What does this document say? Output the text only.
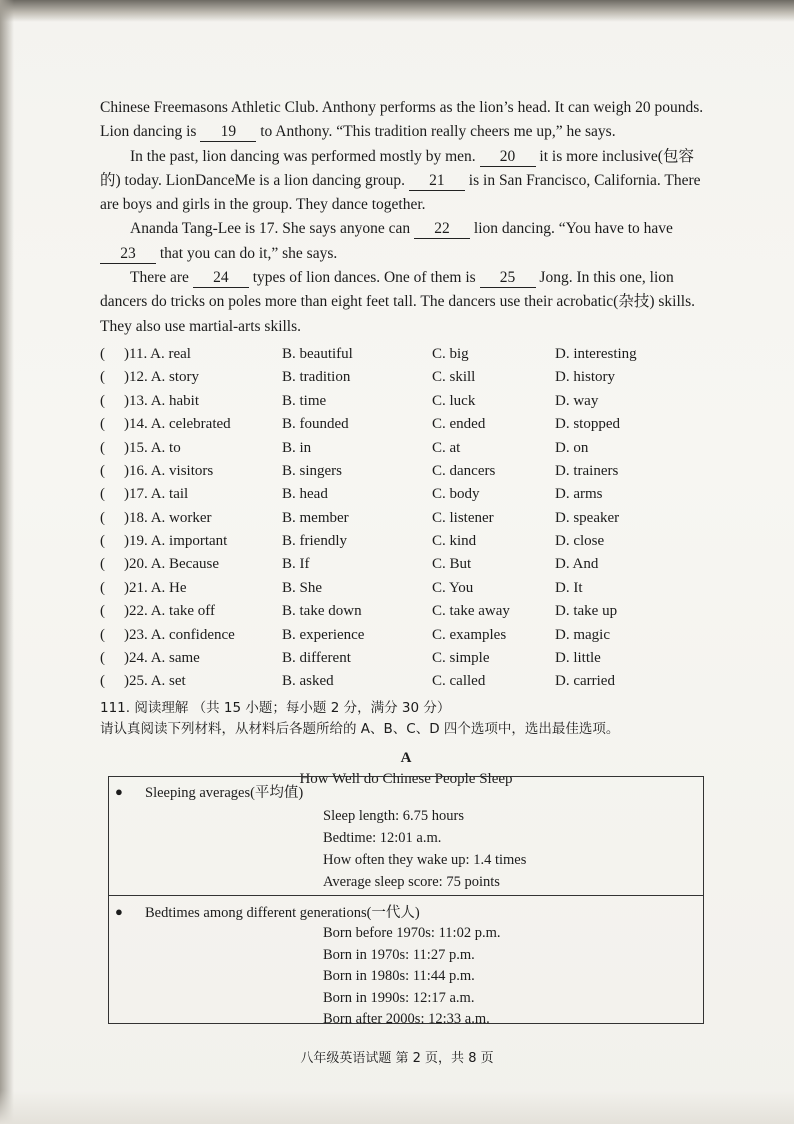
Chinese Freemasons Athletic Club. Anthony performs as the lion’s head. It can weigh 20 pounds.
Lion dancing is 19 to Anthony. “This tradition really cheers me up,” he says.

In the past, lion dancing was performed mostly by men. 20 it is more inclusive(包容的) today. LionDanceMe is a lion dancing group. 21 is in San Francisco, California. There are boys and girls in the group. They dance together.

Ananda Tang-Lee is 17. She says anyone can 22 lion dancing. “You have to have 23 that you can do it,” she says.

There are 24 types of lion dances. One of them is 25 Jong. In this one, lion dancers do tricks on poles more than eight feet tall. The dancers use their acrobatic(杂技) skills. They also use martial-arts skills.

(	)11. A. real	B. beautiful	C. big	D. interesting
(	)12. A. story	B. tradition	C. skill	D. history
(	)13. A. habit	B. time	C. luck	D. way
(	)14. A. celebrated	B. founded	C. ended	D. stopped
(	)15. A. to	B. in	C. at	D. on
(	)16. A. visitors	B. singers	C. dancers	D. trainers
(	)17. A. tail	B. head	C. body	D. arms
(	)18. A. worker	B. member	C. listener	D. speaker
(	)19. A. important	B. friendly	C. kind	D. close
(	)20. A. Because	B. If	C. But	D. And
(	)21. A. He	B. She	C. You	D. It
(	)22. A. take off	B. take down	C. take away	D. take up
(	)23. A. confidence	B. experience	C. examples	D. magic
(	)24. A. same	B. different	C. simple	D. little
(	)25. A. set	B. asked	C. called	D. carried
111. 阅读理解 （共 15 小题；每小题 2 分，满分 30 分）
请认真阅读下列材料，从材料后各题所给的 A、B、C、D 四个选项中，选出最佳选项。
A
How Well do Chinese People Sleep
●	Sleeping averages(平均值)
Sleep length: 6.75 hours
Bedtime: 12:01 a.m.
How often they wake up: 1.4 times
Average sleep score: 75 points
●	Bedtimes among different generations(一代人)
Born before 1970s: 11:02 p.m.
Born in 1970s: 11:27 p.m.
Born in 1980s: 11:44 p.m.
Born in 1990s: 12:17 a.m.
Born after 2000s: 12:33 a.m.
八年级英语试题 第 2 页，共 8 页
